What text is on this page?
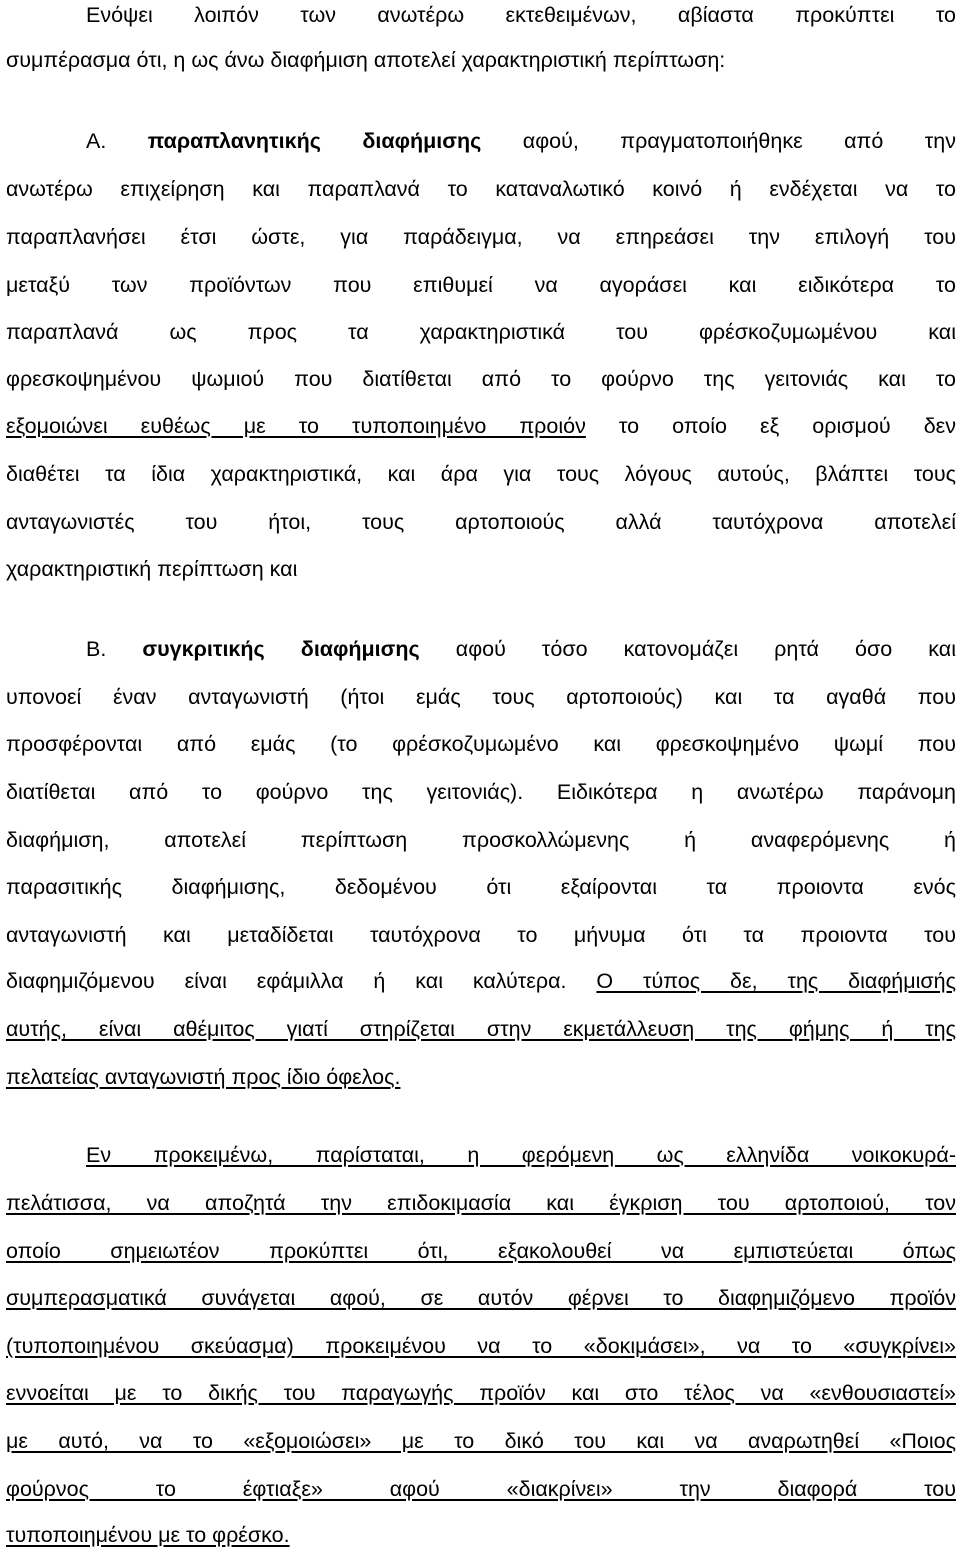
Ενόψει λοιπόν των ανωτέρω εκτεθειμένων, αβίαστα προκύπτει το
συμπέρασμα ότι, η ως άνω διαφήμιση αποτελεί χαρακτηριστική περίπτωση:
Α. παραπλανητικής διαφήμισης αφού, πραγματοποιήθηκε από την
ανωτέρω επιχείρηση και παραπλανά το καταναλωτικό κοινό ή ενδέχεται να το
παραπλανήσει έτσι ώστε, για παράδειγμα, να επηρεάσει την επιλογή του
μεταξύ των προϊόντων που επιθυμεί να αγοράσει και ειδικότερα το
παραπλανά ως προς τα χαρακτηριστικά του φρέσκοζυμωμένου και
φρεσκοψημένου ψωμιού που διατίθεται από το φούρνο της γειτονιάς και το
εξομοιώνει ευθέως με το τυποποιημένο προιόν το οποίο εξ ορισμού δεν
διαθέτει τα ίδια χαρακτηριστικά, και άρα για τους λόγους αυτούς, βλάπτει τους
ανταγωνιστές του ήτοι, τους αρτοποιούς αλλά ταυτόχρονα αποτελεί
χαρακτηριστική περίπτωση και
Β. συγκριτικής διαφήμισης αφού τόσο κατονομάζει ρητά όσο και
υπονοεί έναν ανταγωνιστή (ήτοι εμάς τους αρτοποιούς) και τα αγαθά που
προσφέρονται από εμάς (το φρέσκοζυμωμένο και φρεσκοψημένο ψωμί που
διατίθεται από το φούρνο της γειτονιάς). Ειδικότερα η ανωτέρω παράνομη
διαφήμιση, αποτελεί περίπτωση προσκολλώμενης ή αναφερόμενης ή
παρασιτικής διαφήμισης, δεδομένου ότι εξαίρονται τα προιοντα ενός
ανταγωνιστή και μεταδίδεται ταυτόχρονα το μήνυμα ότι τα προιοντα του
διαφημιζόμενου είναι εφάμιλλα ή και καλύτερα. Ο τύπος δε, της διαφήμισής
αυτής, είναι αθέμιτος γιατί στηρίζεται στην εκμετάλλευση της φήμης ή της
πελατείας ανταγωνιστή προς ίδιο όφελος.
Εν προκειμένω, παρίσταται, η φερόμενη ως ελληνίδα νοικοκυρά-
πελάτισσα, να αποζητά την επιδοκιμασία και έγκριση του αρτοποιού, τον
οποίο σημειωτέον προκύπτει ότι, εξακολουθεί να εμπιστεύεται όπως
συμπερασματικά συνάγεται αφού, σε αυτόν φέρνει το διαφημιζόμενο προϊόν
(τυποποιημένου σκεύασμα) προκειμένου να το «δοκιμάσει», να το «συγκρίνει»
εννοείται με το δικής του παραγωγής προϊόν και στο τέλος να «ενθουσιαστεί»
με αυτό, να το «εξομοιώσει» με το δικό του και να αναρωτηθεί «Ποιος
φούρνος το έφτιαξε» αφού «διακρίνει» την διαφορά του
τυποποιημένου με το φρέσκο.
